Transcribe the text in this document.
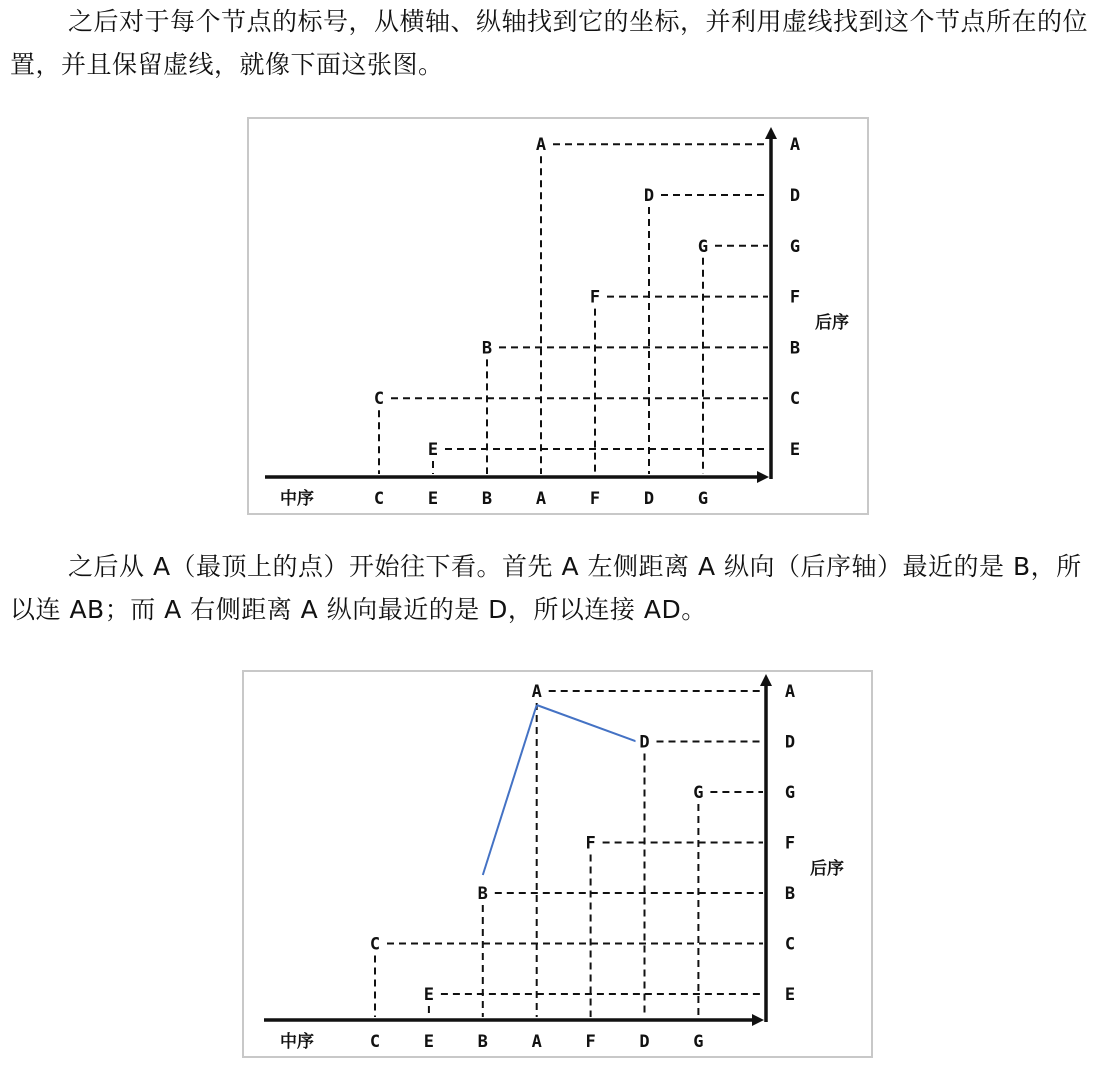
之后对于每个节点的标号，从横轴、纵轴找到它的坐标，并利用虚线找到这个节点所在的位置，并且保留虚线，就像下面这张图。

中序
后序
C	E	B	A	F	D	G
E
C
B
F
G
D
A
A
D
G
F
B
C
E

之后从 A（最顶上的点）开始往下看。首先 A 左侧距离 A 纵向（后序轴）最近的是 B，所以连 AB；而 A 右侧距离 A 纵向最近的是 D，所以连接 AD。

中序
后序
C	E	B	A	F	D	G
E
C
B
F
G
D
A
A
D
G
F
B
C
E
